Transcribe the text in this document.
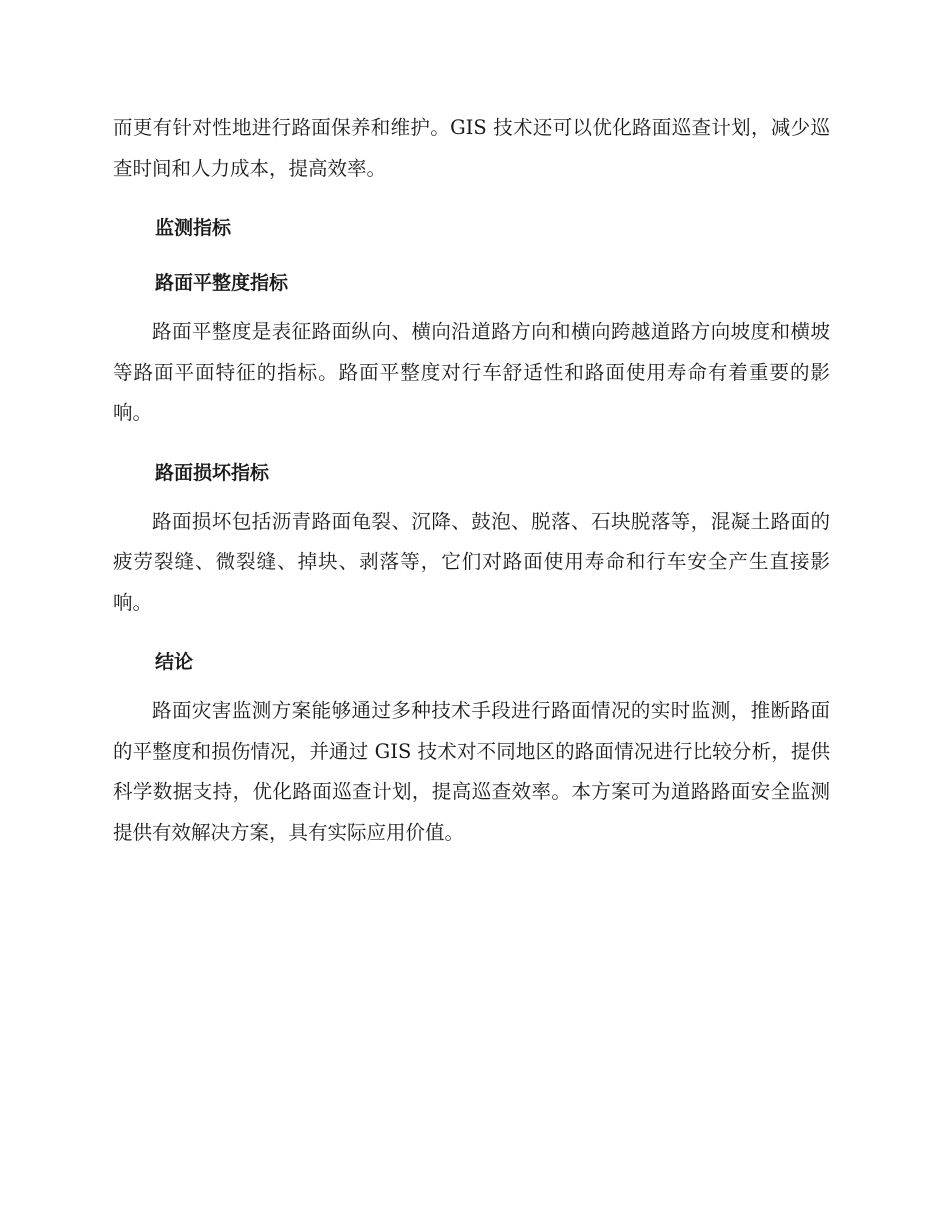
而更有针对性地进行路面保养和维护。GIS 技术还可以优化路面巡查计划，减少巡查时间和人力成本，提高效率。

监测指标
路面平整度指标

路面平整度是表征路面纵向、横向沿道路方向和横向跨越道路方向坡度和横坡等路面平面特征的指标。路面平整度对行车舒适性和路面使用寿命有着重要的影响。

路面损坏指标

路面损坏包括沥青路面龟裂、沉降、鼓泡、脱落、石块脱落等，混凝土路面的疲劳裂缝、微裂缝、掉块、剥落等，它们对路面使用寿命和行车安全产生直接影响。

结论

路面灾害监测方案能够通过多种技术手段进行路面情况的实时监测，推断路面的平整度和损伤情况，并通过 GIS 技术对不同地区的路面情况进行比较分析，提供科学数据支持，优化路面巡查计划，提高巡查效率。本方案可为道路路面安全监测提供有效解决方案，具有实际应用价值。
